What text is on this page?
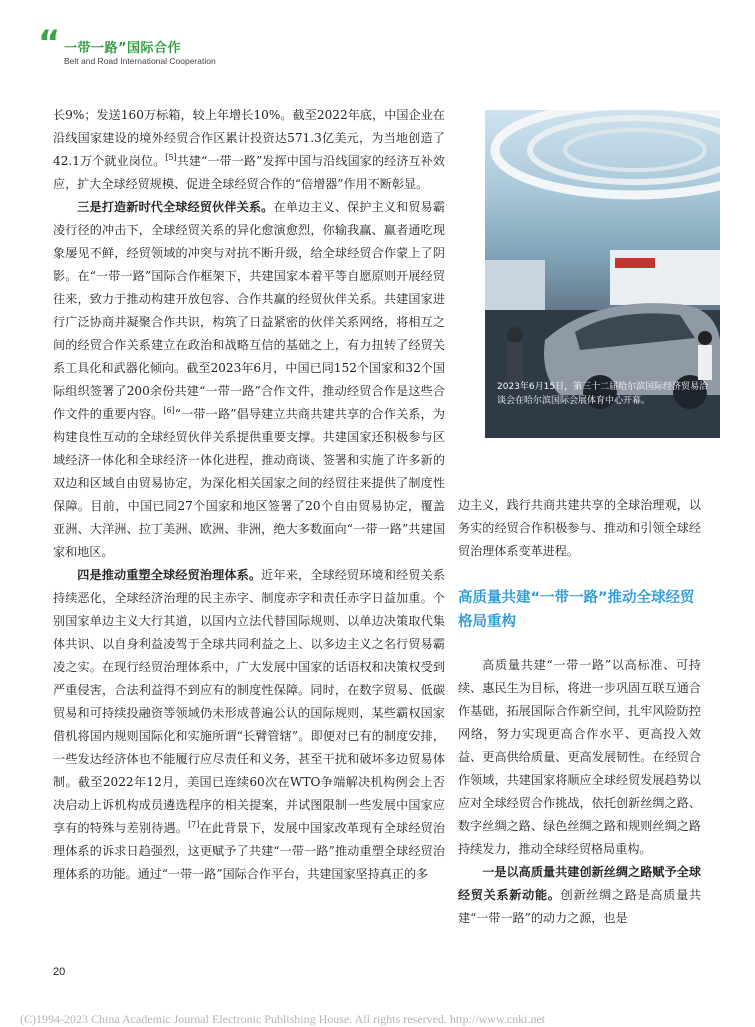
“ 一带一路”国际合作
Belt and Road International Cooperation

长9%；发送160万标箱，较上年增长10%。截至2022年底，中国企业在沿线国家建设的境外经贸合作区累计投资达571.3亿美元，为当地创造了42.1万个就业岗位。[5]共建“一带一路”发挥中国与沿线国家的经济互补效应，扩大全球经贸规模、促进全球经贸合作的“倍增器”作用不断彰显。

三是打造新时代全球经贸伙伴关系。在单边主义、保护主义和贸易霸凌行径的冲击下，全球经贸关系的异化愈演愈烈，你输我赢、赢者通吃现象屡见不鲜，经贸领域的冲突与对抗不断升级，给全球经贸合作蒙上了阴影。在“一带一路”国际合作框架下，共建国家本着平等自愿原则开展经贸往来，致力于推动构建开放包容、合作共赢的经贸伙伴关系。共建国家进行广泛协商并凝聚合作共识，构筑了日益紧密的伙伴关系网络，将相互之间的经贸合作关系建立在政治和战略互信的基础之上，有力扭转了经贸关系工具化和武器化倾向。截至2023年6月，中国已同152个国家和32个国际组织签署了200余份共建“一带一路”合作文件，推动经贸合作是这些合作文件的重要内容。[6]“一带一路”倡导建立共商共建共享的合作关系，为构建良性互动的全球经贸伙伴关系提供重要支撑。共建国家还积极参与区域经济一体化和全球经济一体化进程，推动商谈、签署和实施了许多新的双边和区域自由贸易协定，为深化相关国家之间的经贸往来提供了制度性保障。目前，中国已同27个国家和地区签署了20个自由贸易协定，覆盖亚洲、大洋洲、拉丁美洲、欧洲、非洲，绝大多数面向“一带一路”共建国家和地区。

四是推动重塑全球经贸治理体系。近年来，全球经贸环境和经贸关系持续恶化，全球经济治理的民主赤字、制度赤字和责任赤字日益加重。个别国家单边主义大行其道，以国内立法代替国际规则、以单边决策取代集体共识、以自身利益凌驾于全球共同利益之上、以多边主义之名行贸易霸凌之实。在现行经贸治理体系中，广大发展中国家的话语权和决策权受到严重侵害，合法利益得不到应有的制度性保障。同时，在数字贸易、低碳贸易和可持续投融资等领域仍未形成普遍公认的国际规则，某些霸权国家借机将国内规则国际化和实施所谓“长臂管辖”。即便对已有的制度安排，一些发达经济体也不能履行应尽责任和义务，甚至干扰和破坏多边贸易体制。截至2022年12月，美国已连续60次在WTO争端解决机构例会上否决启动上诉机构成员遴选程序的相关提案，并试图限制一些发展中国家应享有的特殊与差别待遇。[7]在此背景下，发展中国家改革现有全球经贸治理体系的诉求日趋强烈，这更赋予了共建“一带一路”推动重塑全球经贸治理体系的功能。通过“一带一路”国际合作平台，共建国家坚持真正的多

2023年6月15日，第三十二届哈尔滨国际经济贸易洽谈会在哈尔滨国际会展体育中心开幕。

边主义，践行共商共建共享的全球治理观，以务实的经贸合作积极参与、推动和引领全球经贸治理体系变革进程。

高质量共建“一带一路”推动全球经贸格局重构

高质量共建“一带一路”以高标准、可持续、惠民生为目标，将进一步巩固互联互通合作基础，拓展国际合作新空间，扎牢风险防控网络，努力实现更高合作水平、更高投入效益、更高供给质量、更高发展韧性。在经贸合作领域，共建国家将顺应全球经贸发展趋势以应对全球经贸合作挑战，依托创新丝绸之路、数字丝绸之路、绿色丝绸之路和规则丝绸之路持续发力，推动全球经贸格局重构。

一是以高质量共建创新丝绸之路赋予全球经贸关系新动能。创新丝绸之路是高质量共建“一带一路”的动力之源，也是

20
(C)1994-2023 China Academic Journal Electronic Publishing House. All rights reserved. http://www.cnki.net
